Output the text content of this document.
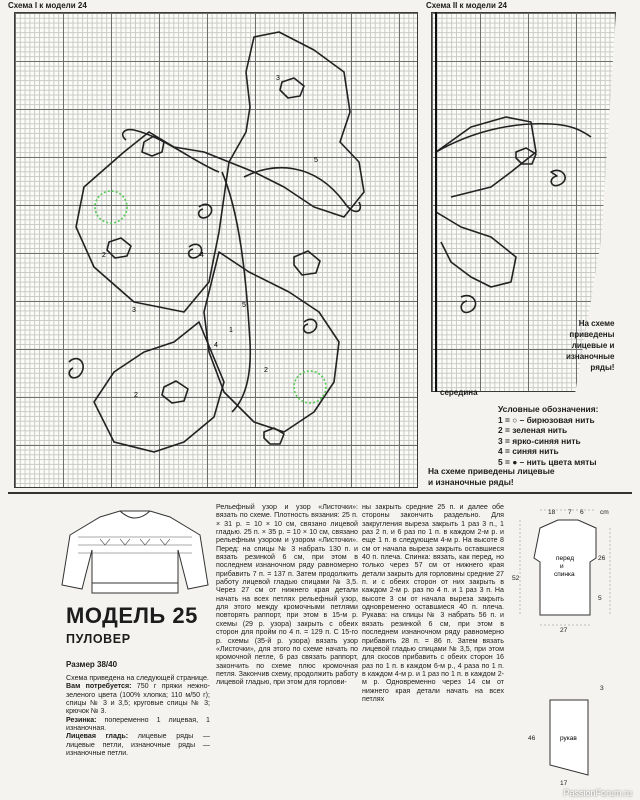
Схема I к модели 24	Схема II к модели 24
3
4
1
2
2
5
5
2	4
3
середина
На схеме
приведены
лицевые и
изнаночные
ряды!
Условные обозначения:
1 = ○ – бирюзовая нить
2 = зеленая нить
3 = ярко-синяя нить
4 = синяя нить
5 = ● – нить цвета мяты
На схеме приведены лицевые
и изнаночные ряды!
МОДЕЛЬ 25
ПУЛОВЕР
Размер 38/40

Схема приведена на следующей странице.

Вам потребуется: 750 г пряжи нежно-зеленого цвета (100% хлопка; 110 м/50 г); спицы № 3 и 3,5; круговые спицы № 3; крючок № 3.

Резинка: попеременно 1 лицевая, 1 изнаночная.

Лицевая гладь: лицевые ряды — лицевые петли, изнаночные ряды — изнаночные петли.

Рельефный узор и узор «Листочки»: вязать по схеме. Плотность вязания: 25 п. × 31 р. = 10 × 10 см, связано лицевой гладью. 25 п. × 35 р. = 10 × 10 см, связано рельефным узором и узором «Листочки». Перед: на спицы № 3 набрать 130 п. и вязать резинкой 6 см, при этом в последнем изнаночном ряду равномерно прибавить 7 п. = 137 п. Затем продолжить работу лицевой гладью спицами № 3,5. Через 27 см от нижнего края детали начать на всех петлях рельефный узор, для этого между кромочными петлями повторять раппорт, при этом в 15-м р. схемы (29 р. узора) закрыть с обеих сторон для пройм по 4 п. = 129 п. С 15-го р. схемы (35-й р. узора) вязать узор «Листочки», для этого по схеме начать по кромочной петле, 6 раз связать раппорт, закончить по схеме плюс кромочная петля. Закончив схему, продолжить работу лицевой гладью, при этом для горлови-
ны закрыть средние 25 п. и далее обе стороны закончить раздельно. Для закругления выреза закрыть 1 раз 3 п., 1 раз 2 п. и 6 раз по 1 п. в каждом 2-м р. и еще 1 п. в следующем 4-м р. На высоте 8 см от начала выреза закрыть оставшиеся 40 п. плеча. Спинка: вязать, как перед, но только через 57 см от нижнего края детали закрыть для горловины средние 27 п. и с обеих сторон от них закрыть в каждом 2-м р. раз по 4 п. и 1 раз 3 п. На высоте 3 см от начала выреза закрыть одновременно оставшиеся 40 п. плеча. Рукава: на спицы № 3 набрать 56 п. и вязать резинкой 6 см, при этом в последнем изнаночном ряду равномерно прибавить 28 п. = 86 п. Затем вязать лицевой гладью спицами № 3,5, при этом для скосов прибавить с обеих сторон 16 раз по 1 п. в каждом 6-м р., 4 раза по 1 п. в каждом 4-м р. и 1 раз по 1 п. в каждом 2-м р. Одновременно через 14 см от нижнего края детали начать на всех петлях
перед
и
спинка
рукав
18 7 6 cm
26
52
5
27
3
46
17
PassionForum.ru
